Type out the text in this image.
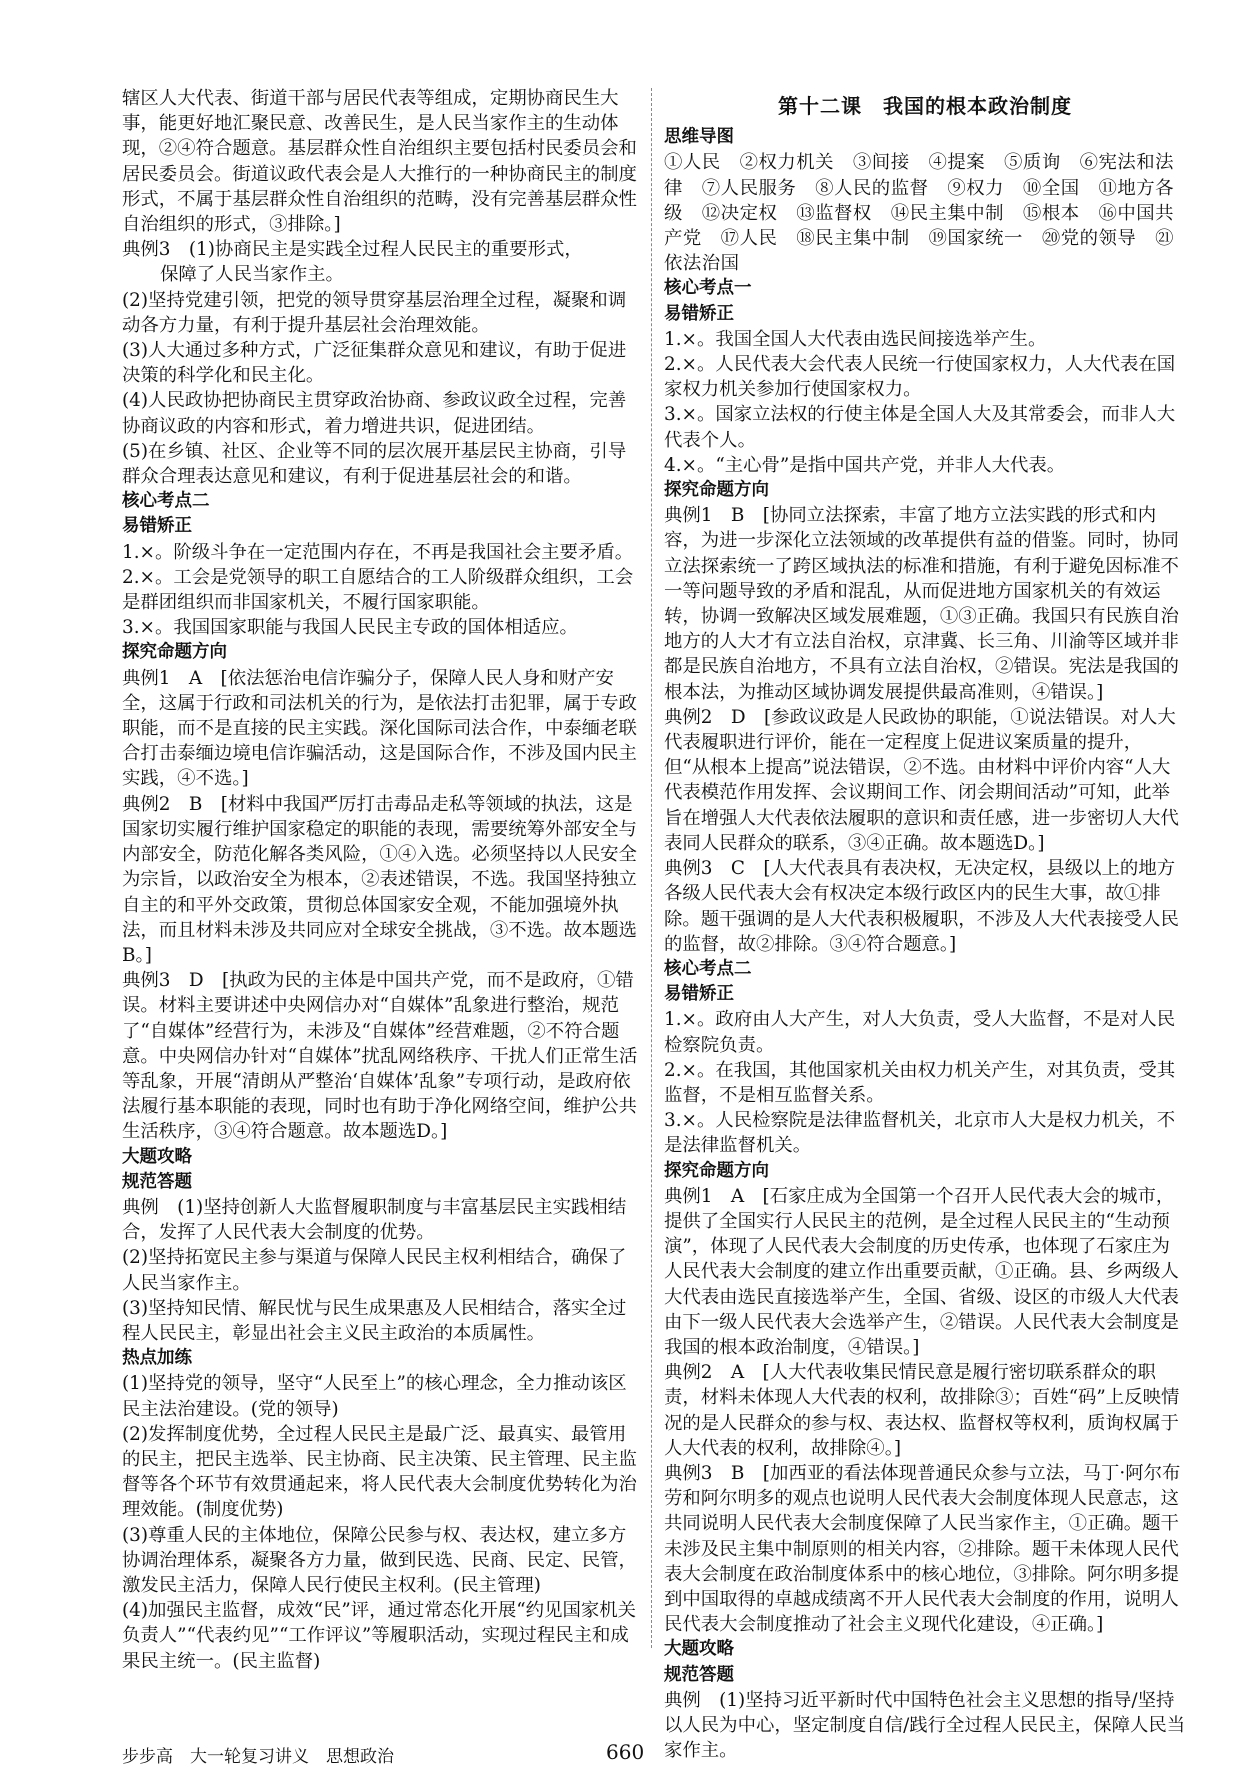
辖区人大代表、街道干部与居民代表等组成，定期协商民生大事，能更好地汇聚民意、改善民生，是人民当家作主的生动体现，②④符合题意。基层群众性自治组织主要包括村民委员会和居民委员会。街道议政代表会是人大推行的一种协商民主的制度形式，不属于基层群众性自治组织的范畴，没有完善基层群众性自治组织的形式，③排除。]

典例3　(1)协商民主是实践全过程人民民主的重要形式，

保障了人民当家作主。

(2)坚持党建引领，把党的领导贯穿基层治理全过程，凝聚和调动各方力量，有利于提升基层社会治理效能。

(3)人大通过多种方式，广泛征集群众意见和建议，有助于促进决策的科学化和民主化。

(4)人民政协把协商民主贯穿政治协商、参政议政全过程，完善协商议政的内容和形式，着力增进共识，促进团结。

(5)在乡镇、社区、企业等不同的层次展开基层民主协商，引导群众合理表达意见和建议，有利于促进基层社会的和谐。

核心考点二

易错矫正

1.×。阶级斗争在一定范围内存在，不再是我国社会主要矛盾。

2.×。工会是党领导的职工自愿结合的工人阶级群众组织，工会是群团组织而非国家机关，不履行国家职能。

3.×。我国国家职能与我国人民民主专政的国体相适应。

探究命题方向

典例1　A　[依法惩治电信诈骗分子，保障人民人身和财产安全，这属于行政和司法机关的行为，是依法打击犯罪，属于专政职能，而不是直接的民主实践。深化国际司法合作，中泰缅老联合打击泰缅边境电信诈骗活动，这是国际合作，不涉及国内民主实践，④不选。]

典例2　B　[材料中我国严厉打击毒品走私等领域的执法，这是国家切实履行维护国家稳定的职能的表现，需要统筹外部安全与内部安全，防范化解各类风险，①④入选。必须坚持以人民安全为宗旨，以政治安全为根本，②表述错误，不选。我国坚持独立自主的和平外交政策，贯彻总体国家安全观，不能加强境外执法，而且材料未涉及共同应对全球安全挑战，③不选。故本题选B。]

典例3　D　[执政为民的主体是中国共产党，而不是政府，①错误。材料主要讲述中央网信办对“自媒体”乱象进行整治，规范了“自媒体”经营行为，未涉及“自媒体”经营难题，②不符合题意。中央网信办针对“自媒体”扰乱网络秩序、干扰人们正常生活等乱象，开展“清朗从严整治‘自媒体’乱象”专项行动，是政府依法履行基本职能的表现，同时也有助于净化网络空间，维护公共生活秩序，③④符合题意。故本题选D。]

大题攻略

规范答题

典例　(1)坚持创新人大监督履职制度与丰富基层民主实践相结合，发挥了人民代表大会制度的优势。

(2)坚持拓宽民主参与渠道与保障人民民主权利相结合，确保了人民当家作主。

(3)坚持知民情、解民忧与民生成果惠及人民相结合，落实全过程人民民主，彰显出社会主义民主政治的本质属性。

热点加练

(1)坚持党的领导，坚守“人民至上”的核心理念，全力推动该区民主法治建设。(党的领导)

(2)发挥制度优势，全过程人民民主是最广泛、最真实、最管用的民主，把民主选举、民主协商、民主决策、民主管理、民主监督等各个环节有效贯通起来，将人民代表大会制度优势转化为治理效能。(制度优势)

(3)尊重人民的主体地位，保障公民参与权、表达权，建立多方协调治理体系，凝聚各方力量，做到民选、民商、民定、民管，激发民主活力，保障人民行使民主权利。(民主管理)

(4)加强民主监督，成效“民”评，通过常态化开展“约见国家机关负责人”“代表约见”“工作评议”等履职活动，实现过程民主和成果民主统一。(民主监督)

第十二课　我国的根本政治制度

思维导图

①人民　②权力机关　③间接　④提案　⑤质询　⑥宪法和法律　⑦人民服务　⑧人民的监督　⑨权力　⑩全国　⑪地方各级　⑫决定权　⑬监督权　⑭民主集中制　⑮根本　⑯中国共产党　⑰人民　⑱民主集中制　⑲国家统一　⑳党的领导　㉑依法治国

核心考点一

易错矫正

1.×。我国全国人大代表由选民间接选举产生。

2.×。人民代表大会代表人民统一行使国家权力，人大代表在国家权力机关参加行使国家权力。

3.×。国家立法权的行使主体是全国人大及其常委会，而非人大代表个人。

4.×。“主心骨”是指中国共产党，并非人大代表。

探究命题方向

典例1　B　[协同立法探索，丰富了地方立法实践的形式和内容，为进一步深化立法领域的改革提供有益的借鉴。同时，协同立法探索统一了跨区域执法的标准和措施，有利于避免因标准不一等问题导致的矛盾和混乱，从而促进地方国家机关的有效运转，协调一致解决区域发展难题，①③正确。我国只有民族自治地方的人大才有立法自治权，京津冀、长三角、川渝等区域并非都是民族自治地方，不具有立法自治权，②错误。宪法是我国的根本法，为推动区域协调发展提供最高准则，④错误。]

典例2　D　[参政议政是人民政协的职能，①说法错误。对人大代表履职进行评价，能在一定程度上促进议案质量的提升，但“从根本上提高”说法错误，②不选。由材料中评价内容“人大代表模范作用发挥、会议期间工作、闭会期间活动”可知，此举旨在增强人大代表依法履职的意识和责任感，进一步密切人大代表同人民群众的联系，③④正确。故本题选D。]

典例3　C　[人大代表具有表决权，无决定权，县级以上的地方各级人民代表大会有权决定本级行政区内的民生大事，故①排除。题干强调的是人大代表积极履职，不涉及人大代表接受人民的监督，故②排除。③④符合题意。]

核心考点二

易错矫正

1.×。政府由人大产生，对人大负责，受人大监督，不是对人民检察院负责。

2.×。在我国，其他国家机关由权力机关产生，对其负责，受其监督，不是相互监督关系。

3.×。人民检察院是法律监督机关，北京市人大是权力机关，不是法律监督机关。

探究命题方向

典例1　A　[石家庄成为全国第一个召开人民代表大会的城市，提供了全国实行人民民主的范例，是全过程人民民主的“生动预演”，体现了人民代表大会制度的历史传承，也体现了石家庄为人民代表大会制度的建立作出重要贡献，①正确。县、乡两级人大代表由选民直接选举产生，全国、省级、设区的市级人大代表由下一级人民代表大会选举产生，②错误。人民代表大会制度是我国的根本政治制度，④错误。]

典例2　A　[人大代表收集民情民意是履行密切联系群众的职责，材料未体现人大代表的权利，故排除③；百姓“码”上反映情况的是人民群众的参与权、表达权、监督权等权利，质询权属于人大代表的权利，故排除④。]

典例3　B　[加西亚的看法体现普通民众参与立法，马丁·阿尔布劳和阿尔明多的观点也说明人民代表大会制度体现人民意志，这共同说明人民代表大会制度保障了人民当家作主，①正确。题干未涉及民主集中制原则的相关内容，②排除。题干未体现人民代表大会制度在政治制度体系中的核心地位，③排除。阿尔明多提到中国取得的卓越成绩离不开人民代表大会制度的作用，说明人民代表大会制度推动了社会主义现代化建设，④正确。]

大题攻略

规范答题

典例　(1)坚持习近平新时代中国特色社会主义思想的指导/坚持以人民为中心，坚定制度自信/践行全过程人民民主，保障人民当家作主。

步步高　大一轮复习讲义　思想政治	660
